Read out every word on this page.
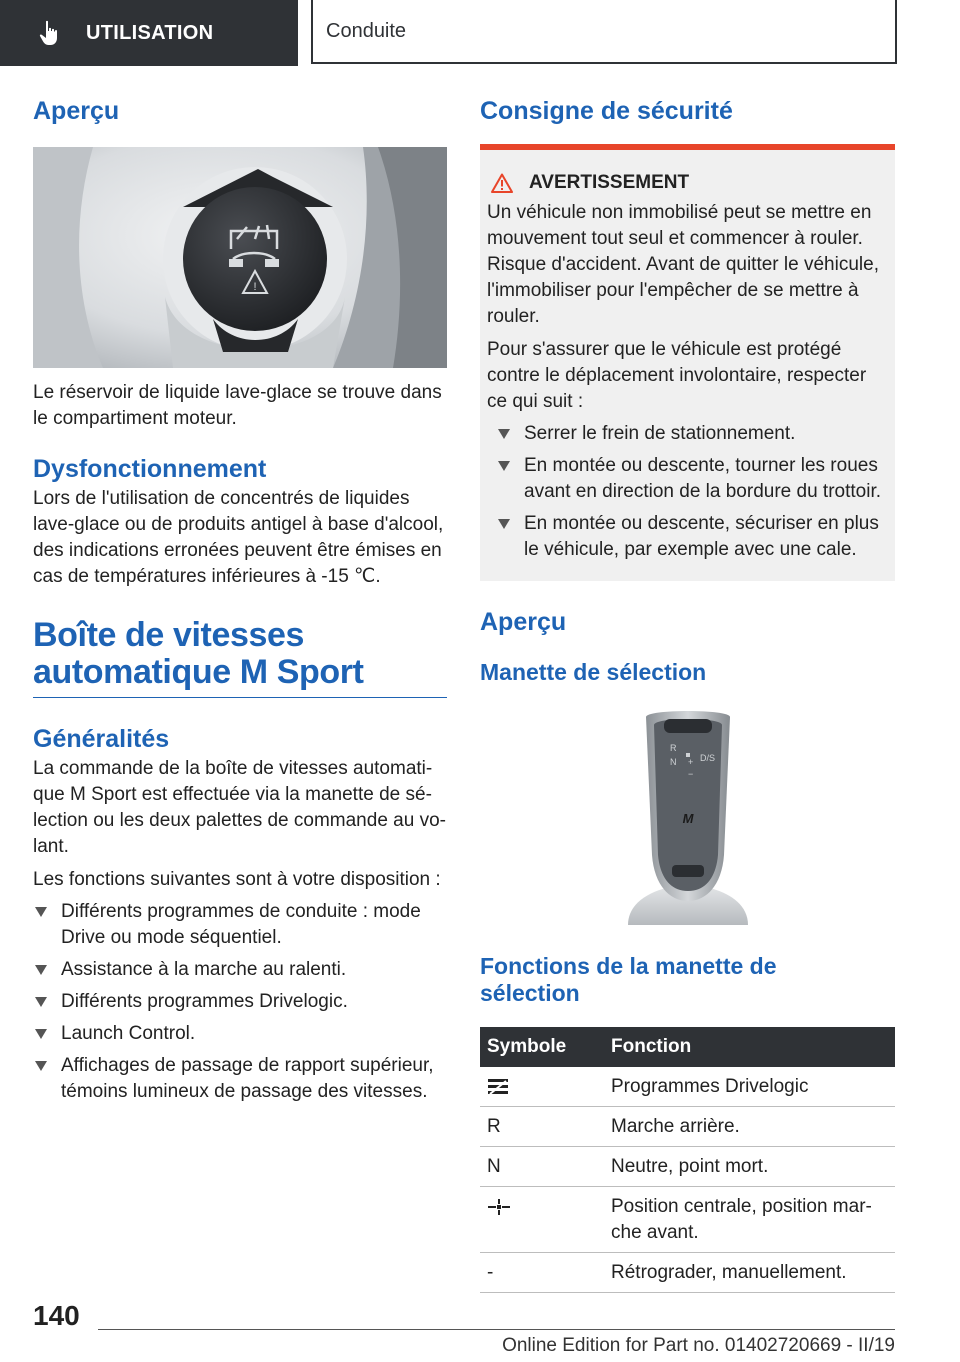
UTILISATION	Conduite
Aperçu
!

Le réservoir de liquide lave-glace se trouve dans le compartiment moteur.

Dysfonctionnement

Lors de l'utilisation de concentrés de liquides lave-glace ou de produits antigel à base d'alcool, des indications erronées peuvent être émises en cas de températures inférieures à ‑15 ℃.

Boîte de vitesses
automatique M Sport
Généralités

La commande de la boîte de vitesses automatique M Sport est effectuée via la manette de sélection ou les deux palettes de commande au volant.

Les fonctions suivantes sont à votre disposition :

Différents programmes de conduite : mode Drive ou mode séquentiel.
Assistance à la marche au ralenti.
Différents programmes Drivelogic.
Launch Control.
Affichages de passage de rapport supérieur, témoins lumineux de passage des vitesses.
Consigne de sécurité
AVERTISSEMENT

Un véhicule non immobilisé peut se mettre en mouvement tout seul et commencer à rouler. Risque d'accident. Avant de quitter le véhicule, l'immobiliser pour l'empêcher de se mettre à rouler.

Pour s'assurer que le véhicule est protégé contre le déplacement involontaire, respecter ce qui suit :

Serrer le frein de stationnement.
En montée ou descente, tourner les roues avant en direction de la bordure du trottoir.
En montée ou descente, sécuriser en plus le véhicule, par exemple avec une cale.
Aperçu
Manette de sélection
R
N +
−
D/S
M
Fonctions de la manette de
sélection
Symbole	Fonction
	Programmes Drivelogic
R	Marche arrière.
N	Neutre, point mort.
	Position centrale, position marche avant.
-	Rétrograder, manuellement.
140
Online Edition for Part no. 01402720669 - II/19
